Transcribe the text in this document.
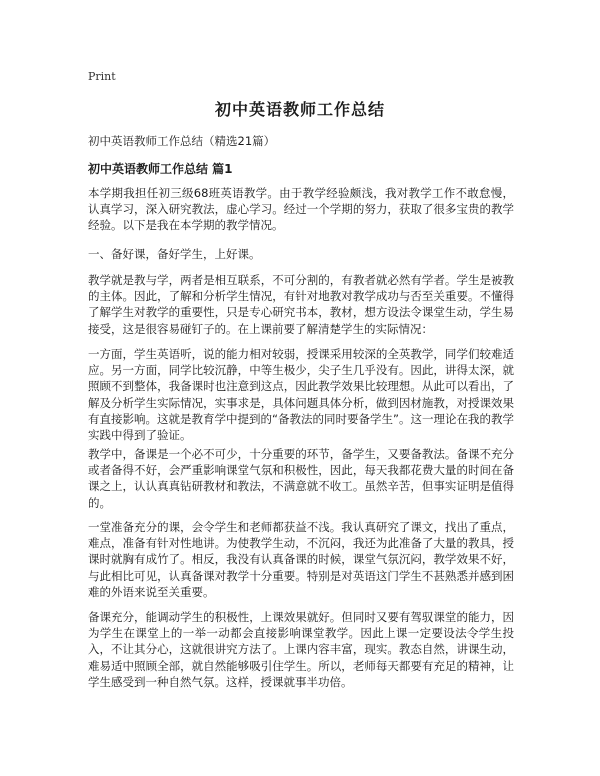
Print
初中英语教师工作总结

初中英语教师工作总结（精选21篇）

初中英语教师工作总结 篇1

本学期我担任初三级68班英语教学。由于教学经验颇浅，我对教学工作不敢怠慢，认真学习，深入研究教法，虚心学习。经过一个学期的努力，获取了很多宝贵的教学经验。以下是我在本学期的教学情况。

一、备好课，备好学生，上好课。

教学就是教与学，两者是相互联系，不可分割的，有教者就必然有学者。学生是被教的主体。因此，了解和分析学生情况，有针对地教对教学成功与否至关重要。不懂得了解学生对教学的重要性，只是专心研究书本，教材，想方设法令课堂生动，学生易接受，这是很容易碰钉子的。在上课前要了解清楚学生的实际情况：

一方面，学生英语听，说的能力相对较弱，授课采用较深的全英教学，同学们较难适应。另一方面，同学比较沉静，中等生极少，尖子生几乎没有。因此，讲得太深，就照顾不到整体，我备课时也注意到这点，因此教学效果比较理想。从此可以看出，了解及分析学生实际情况，实事求是，具体问题具体分析，做到因材施教，对授课效果有直接影响。这就是教育学中提到的“备教法的同时要备学生”。这一理论在我的教学实践中得到了验证。

教学中，备课是一个必不可少，十分重要的环节，备学生，又要备教法。备课不充分或者备得不好，会严重影响课堂气氛和积极性，因此，每天我都花费大量的时间在备课之上，认认真真钻研教材和教法，不满意就不收工。虽然辛苦，但事实证明是值得的。

一堂准备充分的课，会令学生和老师都获益不浅。我认真研究了课文，找出了重点，难点，准备有针对性地讲。为使教学生动，不沉闷，我还为此准备了大量的教具，授课时就胸有成竹了。相反，我没有认真备课的时候，课堂气氛沉闷，教学效果不好，与此相比可见，认真备课对教学十分重要。特别是对英语这门学生不甚熟悉并感到困难的外语来说至关重要。

备课充分，能调动学生的积极性，上课效果就好。但同时又要有驾驭课堂的能力，因为学生在课堂上的一举一动都会直接影响课堂教学。因此上课一定要设法令学生投入，不让其分心，这就很讲究方法了。上课内容丰富，现实。教态自然，讲课生动，难易适中照顾全部，就自然能够吸引住学生。所以，老师每天都要有充足的精神，让学生感受到一种自然气氛。这样，授课就事半功倍。
